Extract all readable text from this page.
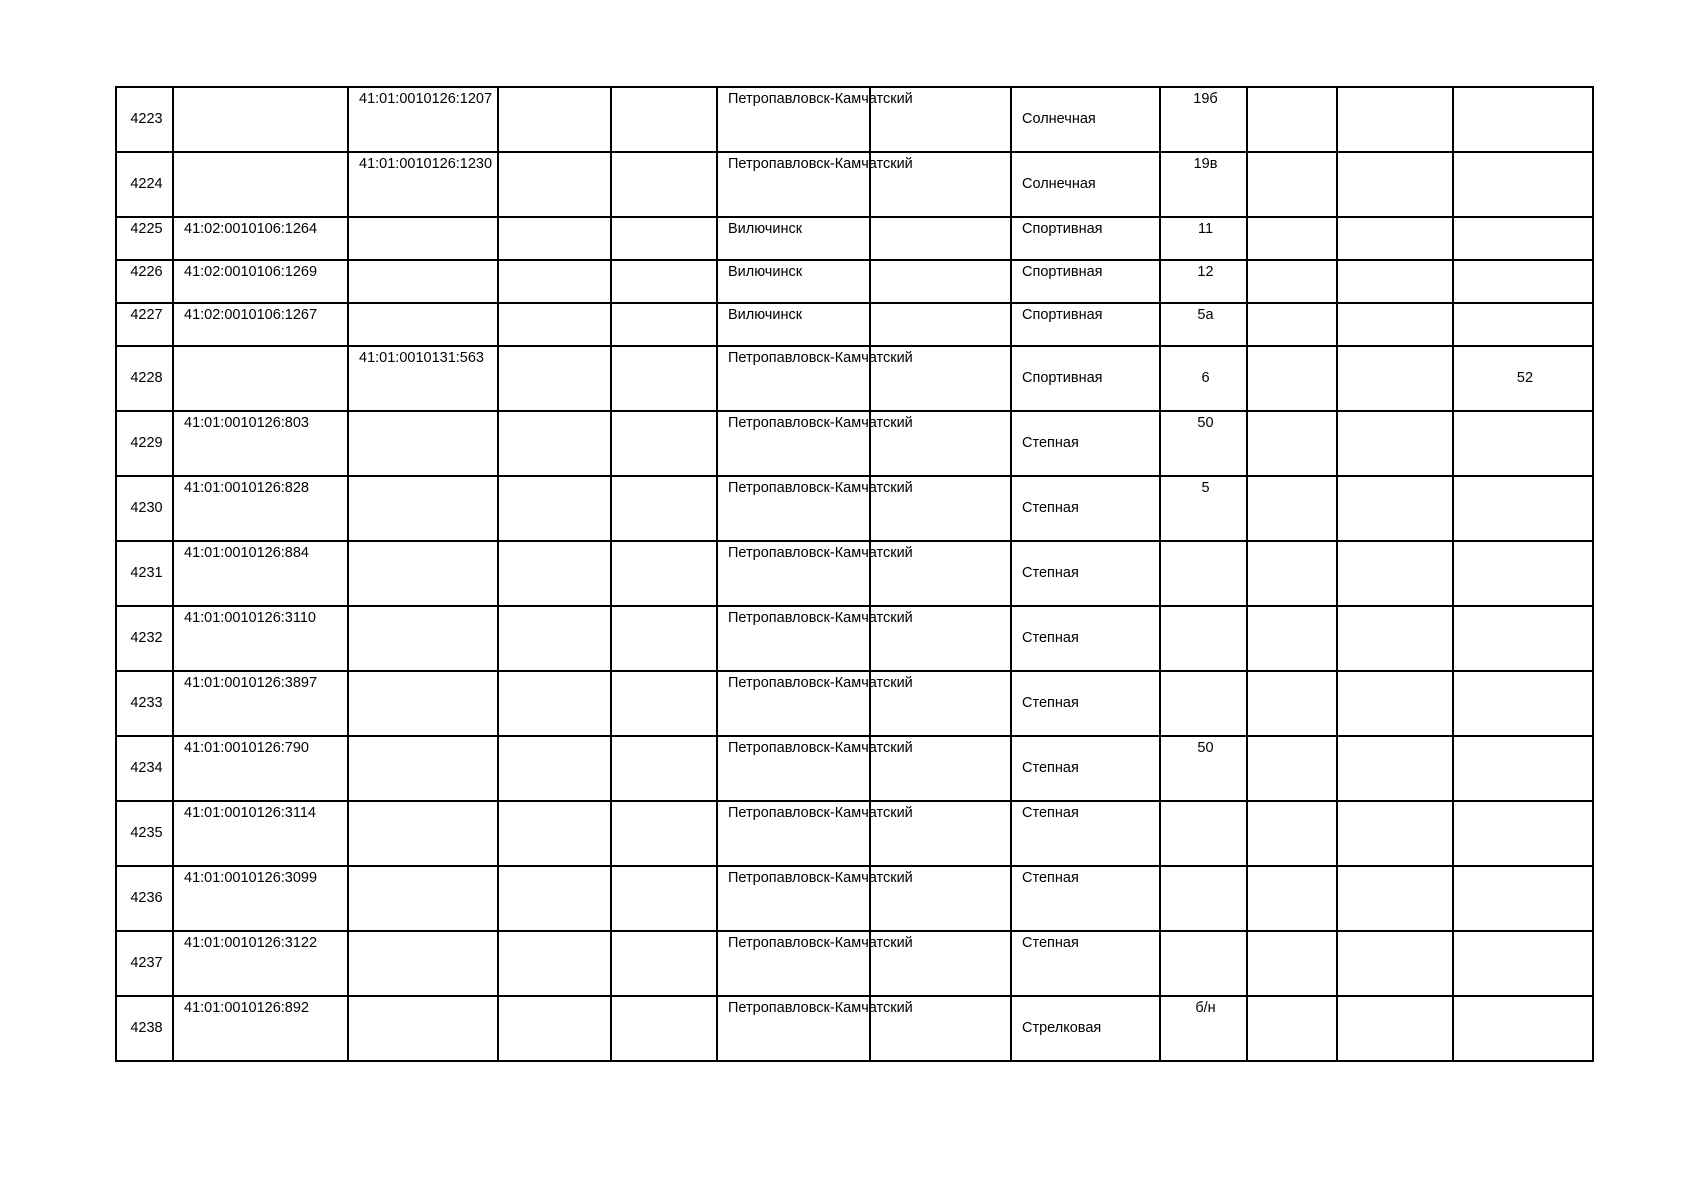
4223		41:01:0010126:1207			Петропавловск-Камчатский		Солнечная	19б			
4224		41:01:0010126:1230			Петропавловск-Камчатский		Солнечная	19в			
4225	41:02:0010106:1264				Вилючинск		Спортивная	11			
4226	41:02:0010106:1269				Вилючинск		Спортивная	12			
4227	41:02:0010106:1267				Вилючинск		Спортивная	5а			
4228		41:01:0010131:563			Петропавловск-Камчатский		Спортивная	6			52
4229	41:01:0010126:803				Петропавловск-Камчатский		Степная	50			
4230	41:01:0010126:828				Петропавловск-Камчатский		Степная	5			
4231	41:01:0010126:884				Петропавловск-Камчатский		Степная				
4232	41:01:0010126:3110				Петропавловск-Камчатский		Степная				
4233	41:01:0010126:3897				Петропавловск-Камчатский		Степная				
4234	41:01:0010126:790				Петропавловск-Камчатский		Степная	50			
4235	41:01:0010126:3114				Петропавловск-Камчатский		Степная				
4236	41:01:0010126:3099				Петропавловск-Камчатский		Степная				
4237	41:01:0010126:3122				Петропавловск-Камчатский		Степная				
4238	41:01:0010126:892				Петропавловск-Камчатский		Стрелковая	б/н			
